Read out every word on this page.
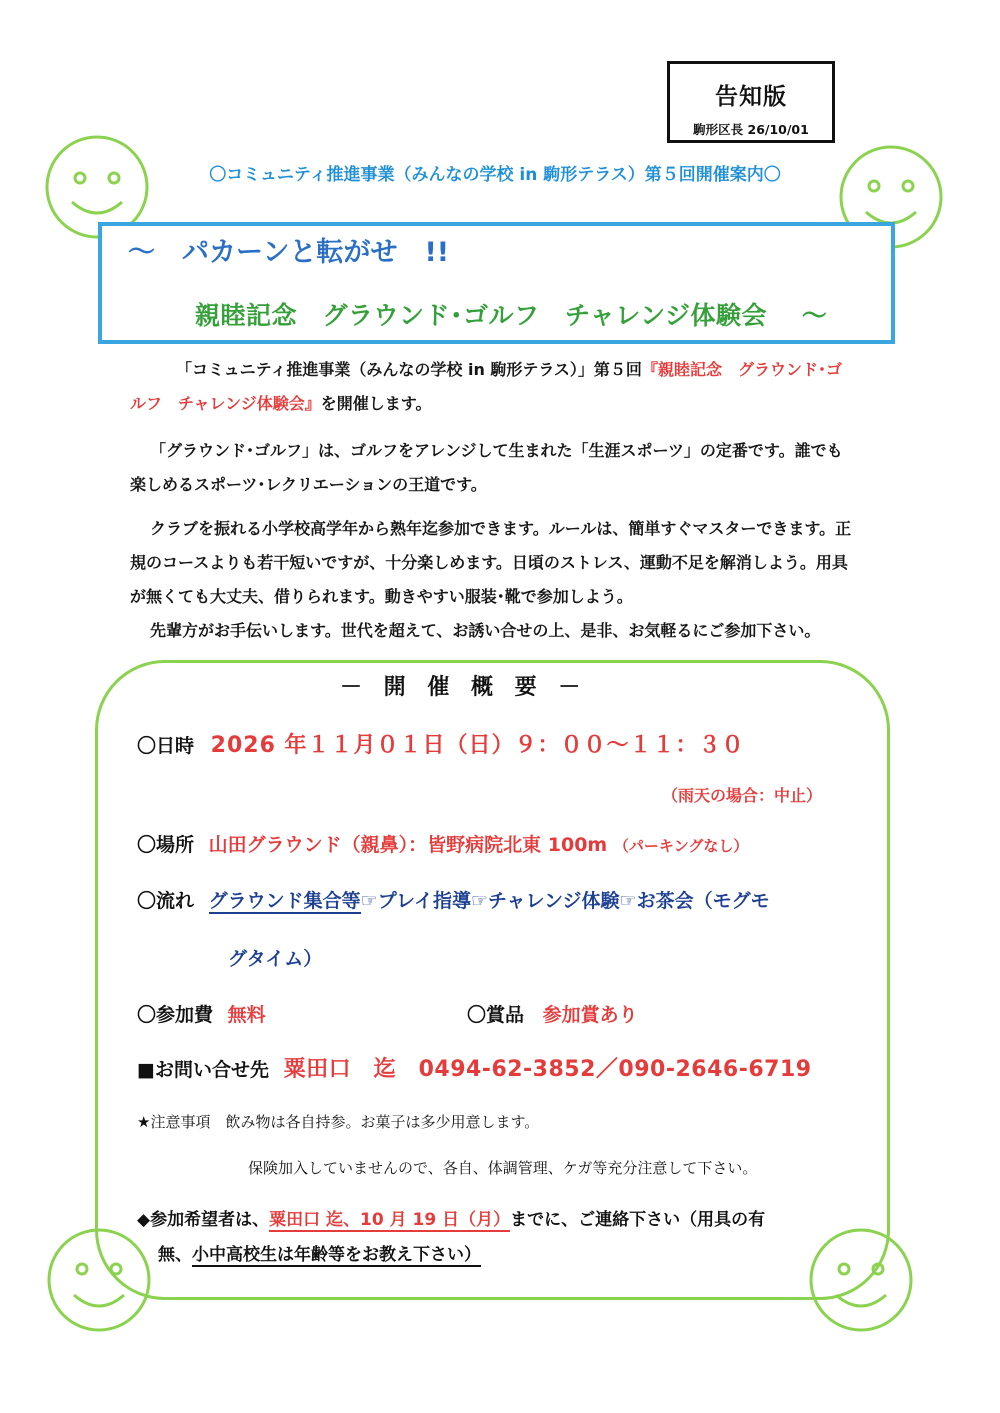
告知版
駒形区長 26/10/01
〇コミュニティ推進事業（みんなの学校 in 駒形テラス）第５回開催案内〇
～　パカーンと転がせ　!!
親睦記念　グラウンド･ゴルフ　チャレンジ体験会　 ～
「コミュニティ推進事業（みんなの学校 in 駒形テラス）」第５回『親睦記念　グラウンド･ゴルフ　チャレンジ体験会』を開催します。
「グラウンド･ゴルフ」は、ゴルフをアレンジして生まれた「生涯スポーツ」の定番です。誰でも楽しめるスポーツ･レクリエーションの王道です。
クラブを振れる小学校高学年から熟年迄参加できます。ルールは、簡単すぐマスターできます。正規のコースよりも若干短いですが、十分楽しめます。日頃のストレス、運動不足を解消しよう。用具が無くても大丈夫、借りられます。動きやすい服装･靴で参加しよう。
先輩方がお手伝いします。世代を超えて、お誘い合せの上、是非、お気軽るにご参加下さい。
－ 開 催 概 要 －
〇日時 2026 年１１月０１日（日）９：００～１１：３０
（雨天の場合：中止）
〇場所 山田グラウンド（親鼻）：皆野病院北東 100m （パーキングなし）
〇流れ グラウンド集合等☞プレイ指導☞チャレンジ体験☞お茶会（モグモ
グタイム）
〇参加費 無料	〇賞品 参加賞あり
■お問い合せ先 粟田口　迄　0494-62-3852／090-2646-6719
★注意事項　飲み物は各自持参。お菓子は多少用意します。
保険加入していませんので、各自、体調管理、ケガ等充分注意して下さい。
◆参加希望者は、粟田口 迄、10 月 19 日（月）までに、ご連絡下さい（用具の有
無、小中高校生は年齢等をお教え下さい）
